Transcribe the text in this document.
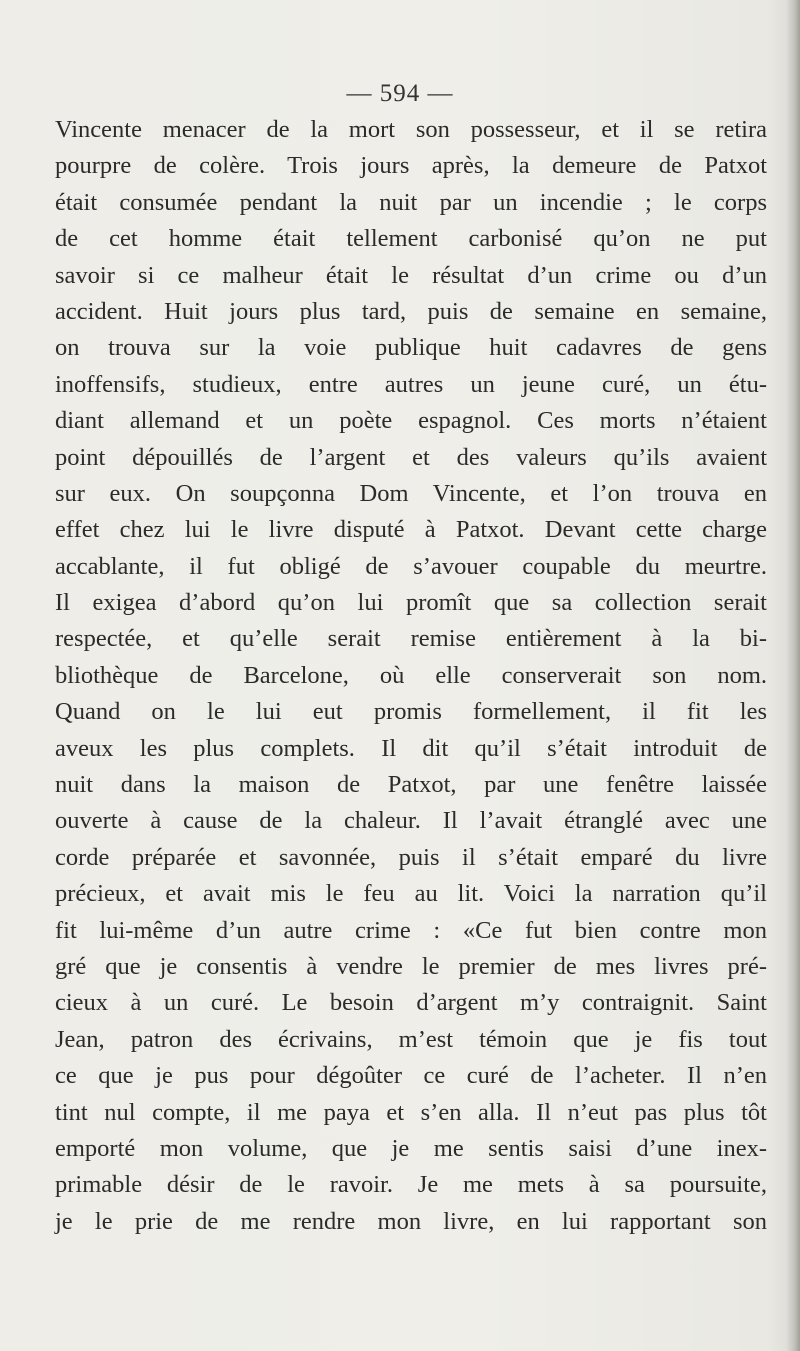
— 594 —
Vincente menacer de la mort son possesseur, et il se retira
pourpre de colère. Trois jours après, la demeure de Patxot
était consumée pendant la nuit par un incendie ; le corps
de cet homme était tellement carbonisé qu’on ne put
savoir si ce malheur était le résultat d’un crime ou d’un
accident. Huit jours plus tard, puis de semaine en semaine,
on trouva sur la voie publique huit cadavres de gens
inoffensifs, studieux, entre autres un jeune curé, un étu-
diant allemand et un poète espagnol. Ces morts n’étaient
point dépouillés de l’argent et des valeurs qu’ils avaient
sur eux. On soupçonna Dom Vincente, et l’on trouva en
effet chez lui le livre disputé à Patxot. Devant cette charge
accablante, il fut obligé de s’avouer coupable du meurtre.
Il exigea d’abord qu’on lui promît que sa collection serait
respectée, et qu’elle serait remise entièrement à la bi-
bliothèque de Barcelone, où elle conserverait son nom.
Quand on le lui eut promis formellement, il fit les
aveux les plus complets. Il dit qu’il s’était introduit de
nuit dans la maison de Patxot, par une fenêtre laissée
ouverte à cause de la chaleur. Il l’avait étranglé avec une
corde préparée et savonnée, puis il s’était emparé du livre
précieux, et avait mis le feu au lit. Voici la narration qu’il
fit lui-même d’un autre crime : «Ce fut bien contre mon
gré que je consentis à vendre le premier de mes livres pré-
cieux à un curé. Le besoin d’argent m’y contraignit. Saint
Jean, patron des écrivains, m’est témoin que je fis tout
ce que je pus pour dégoûter ce curé de l’acheter. Il n’en
tint nul compte, il me paya et s’en alla. Il n’eut pas plus tôt
emporté mon volume, que je me sentis saisi d’une inex-
primable désir de le ravoir. Je me mets à sa poursuite,
je le prie de me rendre mon livre, en lui rapportant son
